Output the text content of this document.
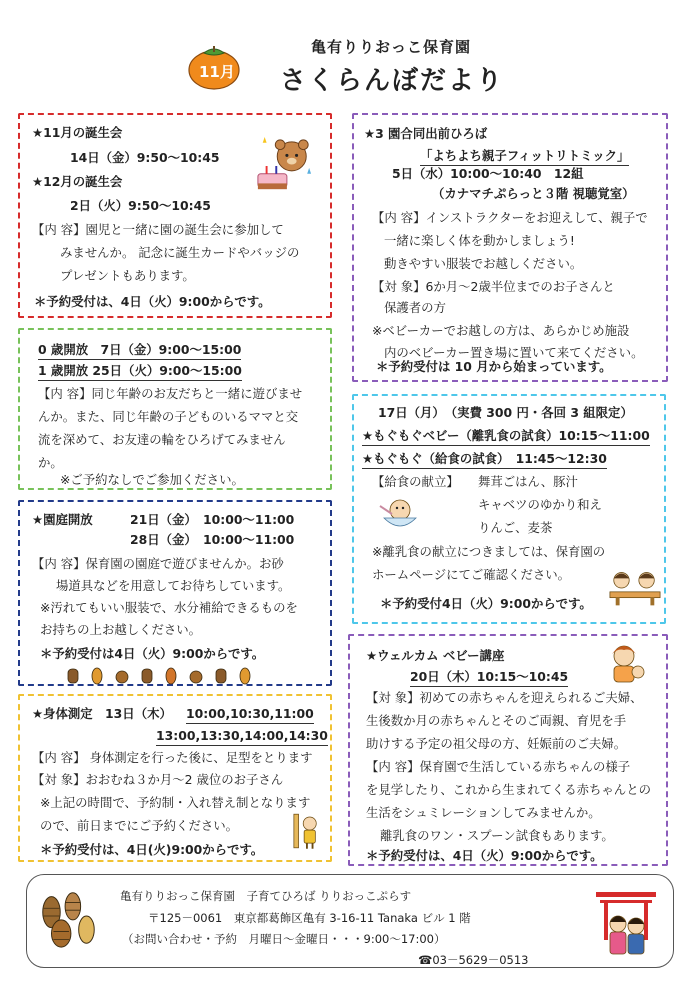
11月
亀有りりおっこ保育園
さくらんぼだより
★11月の誕生会
14日（金）9:50～10:45
★12月の誕生会
2日（火）9:50～10:45
【内 容】園児と一緒に園の誕生会に参加して
みませんか。 記念に誕生カードやバッジの
プレゼントもあります。
＊予約受付は、4日（火）9:00からです。
0 歳開放　7日（金）9:00～15:00
1 歳開放 25日（火）9:00～15:00
【内 容】同じ年齢のお友だちと一緒に遊びませ
んか。また、同じ年齢の子どものいるママと交
流を深めて、お友達の輪をひろげてみません
か。
※ご予約なしでご参加ください。
★園庭開放	21日（金）　10:00～11:00
28日（金）　10:00～11:00
【内 容】保育園の園庭で遊びませんか。お砂
場道具などを用意してお待ちしています。
※汚れてもいい服装で、水分補給できるものを
お持ちの上お越しください。
＊予約受付は4日（火）9:00からです。
★身体測定　13日（木） 10:00,10:30,11:00
13:00,13:30,14:00,14:30
【内 容】 身体測定を行った後に、足型をとります
【対 象】おおむね３か月～2 歳位のお子さん
※上記の時間で、予約制・入れ替え制となります
ので、前日までにご予約ください。
＊予約受付は、4日(火)9:00からです。
★3 園合同出前ひろば
「よちよち親子フィットリトミック」
5日（水）10:00～10:40　12組
（カナマチぷらっと３階 視聴覚室）
【内 容】インストラクターをお迎えして、親子で
一緒に楽しく体を動かしましょう!
動きやすい服装でお越しください。
【対 象】6か月～2歳半位までのお子さんと
保護者の方
※ベビーカーでお越しの方は、あらかじめ施設
内のベビーカー置き場に置いて来てください。
＊予約受付は 10 月から始まっています。
17日（月）　（実費 300 円・各回 3 組限定）
★もぐもぐベビー（離乳食の試食）10:15～11:00
★もぐもぐ（給食の試食）　11:45～12:30
【給食の献立】 舞茸ごはん、豚汁
キャベツのゆかり和え
りんご、麦茶
※離乳食の献立につきましては、保育園の
ホームページにてご確認ください。
＊予約受付4日（火）9:00からです。
★ウェルカム ベビー講座
20日（木）10:15～10:45
【対 象】初めての赤ちゃんを迎えられるご夫婦、
生後数か月の赤ちゃんとそのご両親、育児を手
助けする予定の祖父母の方、妊娠前のご夫婦。
【内 容】保育園で生活している赤ちゃんの様子
を見学したり、これから生まれてくる赤ちゃんとの
生活をシュミレーションしてみませんか。
離乳食のワン・スプーン試食もあります。
＊予約受付は、4日（火）9:00からです。
亀有りりおっこ保育園　子育てひろば りりおっこぷらす
〒125－0061　東京都葛飾区亀有 3-16-11 Tanaka ビル 1 階
（お問い合わせ・予約　月曜日～金曜日・・・9:00～17:00）
☎03－5629－0513
